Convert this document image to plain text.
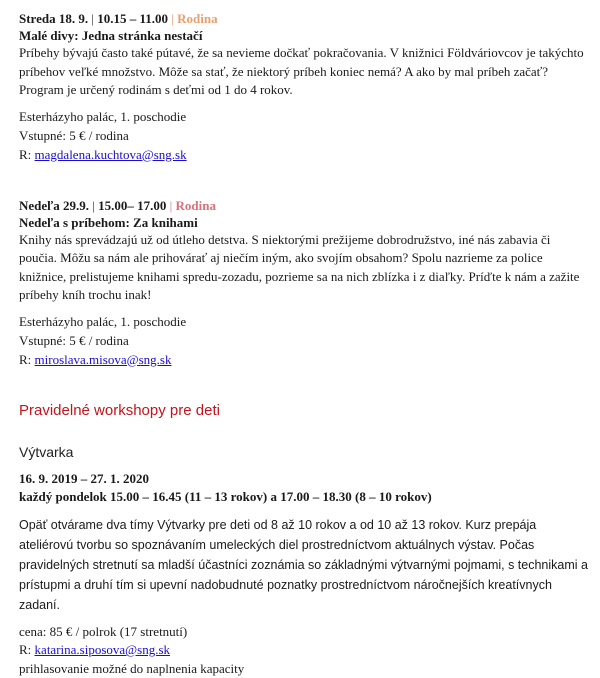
Streda 18. 9. | 10.15 – 11.00 | Rodina
Malé divy: Jedna stránka nestačí

Príbehy bývajú často také pútavé, že sa nevieme dočkať pokračovania. V knižnici Földváriovcov je takýchto príbehov veľké množstvo. Môže sa stať, že niektorý príbeh koniec nemá? A ako by mal príbeh začať? Program je určený rodinám s deťmi od 1 do 4 rokov.

Esterházyho palác, 1. poschodie
Vstupné: 5 € / rodina
R: magdalena.kuchtova@sng.sk
Nedeľa 29.9. | 15.00– 17.00 | Rodina
Nedeľa s príbehom: Za knihami

Knihy nás sprevádzajú už od útleho detstva. S niektorými prežijeme dobrodružstvo, iné nás zabavia či poučia. Môžu sa nám ale prihovárať aj niečím iným, ako svojím obsahom? Spolu nazrieme za police knižnice, prelistujeme knihami spredu-zozadu, pozrieme sa na nich zblízka i z diaľky. Príďte k nám a zažite príbehy kníh trochu inak!

Esterházyho palác, 1. poschodie
Vstupné: 5 € / rodina
R: miroslava.misova@sng.sk
Pravidelné workshopy pre deti
Výtvarka
16. 9. 2019 – 27. 1. 2020
každý pondelok 15.00 – 16.45 (11 – 13 rokov) a 17.00 – 18.30 (8 – 10 rokov)
Opäť otvárame dva tímy Výtvarky pre deti od 8 až 10 rokov a od 10 až 13 rokov. Kurz prepája ateliérovú tvorbu so spoznávaním umeleckých diel prostredníctvom aktuálnych výstav. Počas pravidelných stretnutí sa mladší účastníci zoznámia so základnými výtvarnými pojmami, s technikami a prístupmi a druhí tím si upevní nadobudnuté poznatky prostredníctvom náročnejších kreatívnych zadaní.
cena: 85 € / polrok (17 stretnutí)
R: katarina.siposova@sng.sk
prihlasovanie možné do naplnenia kapacity
